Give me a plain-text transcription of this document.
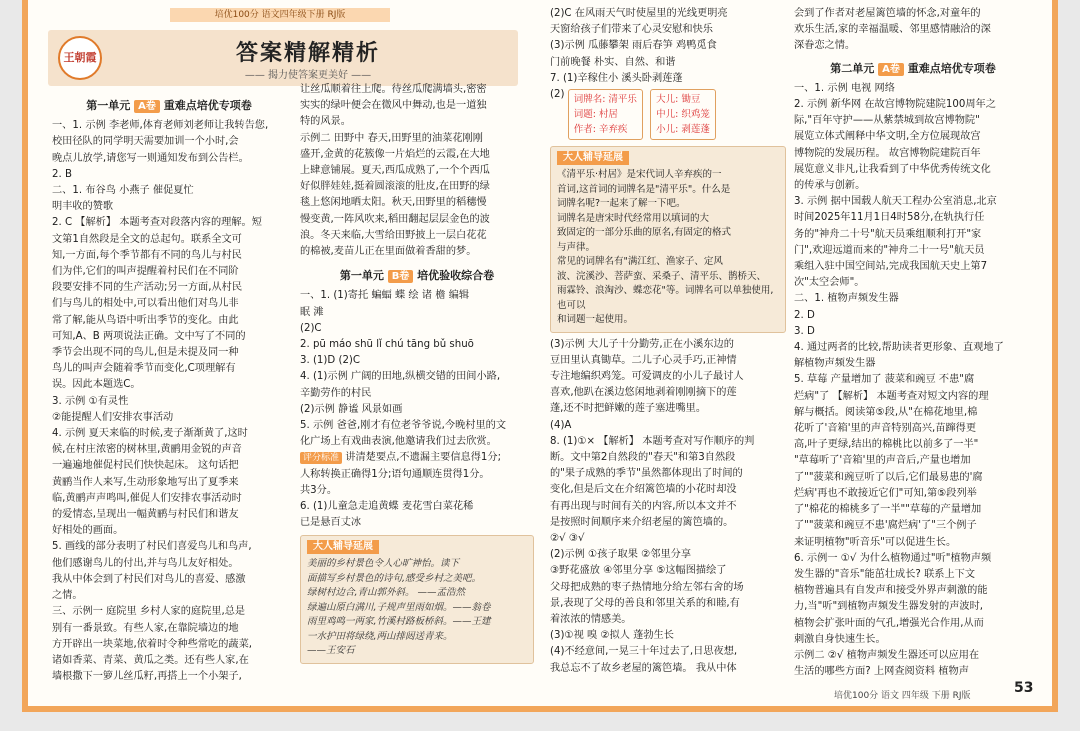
培优100分 语文四年级下册 RJ版
王朝霞	答案精解精析
—— 揭力使答案更美好 ——

第一单元 A卷 重难点培优专项卷

一、1. 示例 李老师,体育老师刘老师让我转告您,

校田径队的同学明天需要加训一个小时,会

晚点儿放学,请您写一则通知发布到公告栏。

2. B

二、1. 布谷鸟 小燕子 催促夏忙

明丰收的赞歌

2. C 【解析】 本题考查对段落内容的理解。短

文第1自然段是全文的总起句。联系全文可

知,一方面,每个季节都有不同的鸟儿与村民

们为伴,它们的叫声提醒着村民们在不同阶

段要安排不同的生产活动;另一方面,从村民

们与鸟儿的相处中,可以看出他们对鸟儿非

常了解,能从鸟语中听出季节的变化。由此

可知,A、B 两项说法正确。文中写了不同的

季节会出现不同的鸟儿,但是未提及同一种

鸟儿的叫声会随着季节而变化,C项理解有

误。因此本题选C。

3. 示例 ①有灵性

②能提醒人们安排农事活动

4. 示例 夏天来临的时候,麦子渐渐黄了,这时

候,在村庄浓密的树林里,黄鹂用金锐的声音

一遍遍地催促村民们快快起床。 这句话把

黄鹂当作人来写,生动形象地写出了夏季来

临,黄鹂声声鸣叫,催促人们安排农事活动时

的爱情态,呈现出一幅黄鹂与村民们和谐友

好相处的画面。

5. 画线的部分表明了村民们喜爱鸟儿和鸟声,

他们感谢鸟儿的付出,并与鸟儿友好相处。

我从中体会到了村民们对鸟儿的喜爱、感激

之情。

三、示例一 庭院里 乡村人家的庭院里,总是

别有一番景致。有些人家,在靠院墙边的地

方开辟出一块菜地,依着时令种些常吃的蔬菜,

诸如香菜、青菜、黄瓜之类。还有些人家,在

墙根撒下一箩儿丝瓜籽,再搭上一个小架子,

让丝瓜顺着往上爬。待丝瓜爬满墙头,密密

实实的绿叶便会在微风中舞动,也是一道独

特的风景。

示例二 田野中 春天,田野里的油菜花刚刚

盛开,金黄的花簇像一片焰烂的云霞,在大地

上肆意铺展。夏天,西瓜成熟了,一个个西瓜

好似胖娃娃,挺着圆滚滚的肚皮,在田野的绿

毯上悠闲地晒太阳。秋天,田野里的稻穗慢

慢变黄,一阵风吹来,稻田翻起层层金色的波

浪。冬天来临,大雪给田野披上一层白花花

的棉被,麦苗儿正在里面做着香甜的梦。

第一单元 B卷 培优验收综合卷

一、1. (1)寄托 蝙蝠 蝶 绘 诸 檐 编辑

眠 滩

(2)C

2. pū máo shū lǐ chú tāng bǔ shuō

3. (1)D (2)C

4. (1)示例 广阔的田地,纵横交错的田间小路,

辛勤劳作的村民

(2)示例 静谧 风景如画

5. 示例 爸爸,刚才有位老爷爷说,今晚村里的文

化广场上有戏曲表演,他邀请我们过去欣赏。

评分标准 讲清楚要点,不遗漏主要信息得1分;

人称转换正确得1分;语句通顺连贯得1分。

共3分。

6. (1)儿童急走追黄蝶 麦花雪白菜花稀

已是悬百丈冰

大人辅导延展

美丽的乡村景色令人心旷神怡。读下

面描写乡村景色的诗句,感受乡村之美吧。

绿树村边合,青山郭外斜。 ——孟浩然

绿遍山原白满川,子规声里雨如烟。——翁卷

雨里鸡鸣一两家,竹溪村路板桥斜。——王建

一水护田将绿绕,两山排闼送青来。

——王安石

(2)C 在风雨天气时使屋里的光线更明亮

天窗给孩子们带来了心灵安慰和快乐

(3)示例 瓜藤攀架 雨后春笋 鸡鸭觅食

门前晚餐 朴实、自然、和谐

7. (1)辛稼住小 溪头卧剥莲蓬

(2) 词牌名: 清平乐

词题: 村居

作者: 辛弃疾

大儿: 锄豆

中儿: 织鸡笼

小儿: 剥莲蓬

大人辅导延展

《清平乐·村居》是宋代词人辛弃疾的一

首词,这首词的词牌名是"清平乐"。什么是

词牌名呢?一起来了解一下吧。

词牌名是唐宋时代经常用以填词的大

致固定的一部分乐曲的原名,有固定的格式

与声律。

常见的词牌名有"满江红、渔家子、定风

波、浣溪沙、菩萨蛮、采桑子、清平乐、鹊桥天、

雨霖铃、浪淘沙、蝶恋花"等。词牌名可以单独使用,也可以

和词题一起使用。

(3)示例 大儿子十分勤劳,正在小溪东边的

豆田里认真锄草。二儿子心灵手巧,正神情

专注地编织鸡笼。可爱调皮的小儿子最讨人

喜欢,他趴在溪边悠闲地剥着刚刚摘下的莲

蓬,还不时把鲜嫩的莲子塞进嘴里。

(4)A

8. (1)①× 【解析】 本题考查对写作顺序的判

断。文中第2自然段的"春天"和第3自然段

的"果子成熟的季节"虽然都体现出了时间的

变化,但是后文在介绍篱笆墙的小花时却没

有再出现与时间有关的内容,所以本文并不

是按照时间顺序来介绍老屋的篱笆墙的。

②√ ③√

(2)示例 ①孩子取果 ②邻里分享

③野花盛放 ④邻里分享 ⑤这幅图描绘了

父母把成熟的枣子热情地分给左邻右舍的场

景,表现了父母的善良和邻里关系的和睦,有

着浓浓的情感美。

(3)①视 嗅 ②拟人 蓬勃生长

(4)不经意间,一晃三十年过去了,日思夜想,

我总忘不了故乡老屋的篱笆墙。 我从中体

会到了作者对老屋篱笆墙的怀念,对童年的

欢乐生活,家的幸福温暖、邻里感情融洽的深

深眷恋之情。

第二单元 A卷 重难点培优专项卷

一、1. 示例 电视 网络

2. 示例 新华网 在故宫博物院建院100周年之

际,"百年守护——从紫禁城到故宫博物院"

展览立体式阐释中华文明,全方位展现故宫

博物院的发展历程。 故宫博物院建院百年

展览意义非凡,让我看到了中华优秀传统文化

的传承与创新。

3. 示例 据中国载人航天工程办公室消息,北京

时间2025年11月1日4时58分,在轨执行任

务的"神舟二十号"航天员乘组顺利打开"家

门",欢迎远道而来的"神舟二十一号"航天员

乘组入驻中国空间站,完成我国航天史上第7

次"太空会师"。

二、1. 植物声频发生器

2. D

3. D

4. 通过两者的比较,帮助读者更形象、直观地了

解植物声频发生器

5. 草莓 产量增加了 菠菜和豌豆 不患"腐

烂病"了 【解析】 本题考查对短文内容的理

解与概括。阅读第⑤段,从"在棉花地里,棉

花听了'音箱'里的声音特别高兴,苗蹿得更

高,叶子更绿,结出的棉桃比以前多了一半"

"草莓听了'音箱'里的声音后,产量也增加

了""菠菜和豌豆听了以后,它们最易患的'腐

烂病'再也不敢接近它们"可知,第⑤段列举

了"棉花的棉桃多了一半""草莓的产量增加

了""菠菜和豌豆不患'腐烂病'了"三个例子

来证明植物"听音乐"可以促进生长。

6. 示例一 ①√ 为什么植物通过"听"植物声频

发生器的"音乐"能茁壮成长? 联系上下文

植物普遍具有自发声和接受外界声刺激的能

力,当"听"到植物声频发生器发射的声波时,

植物会扩张叶面的气孔,增强光合作用,从而

刺激自身快速生长。

示例二 ②√ 植物声频发生器还可以应用在

生活的哪些方面? 上网查阅资料 植物声

培优100分 语文 四年级 下册 RJ版	53
